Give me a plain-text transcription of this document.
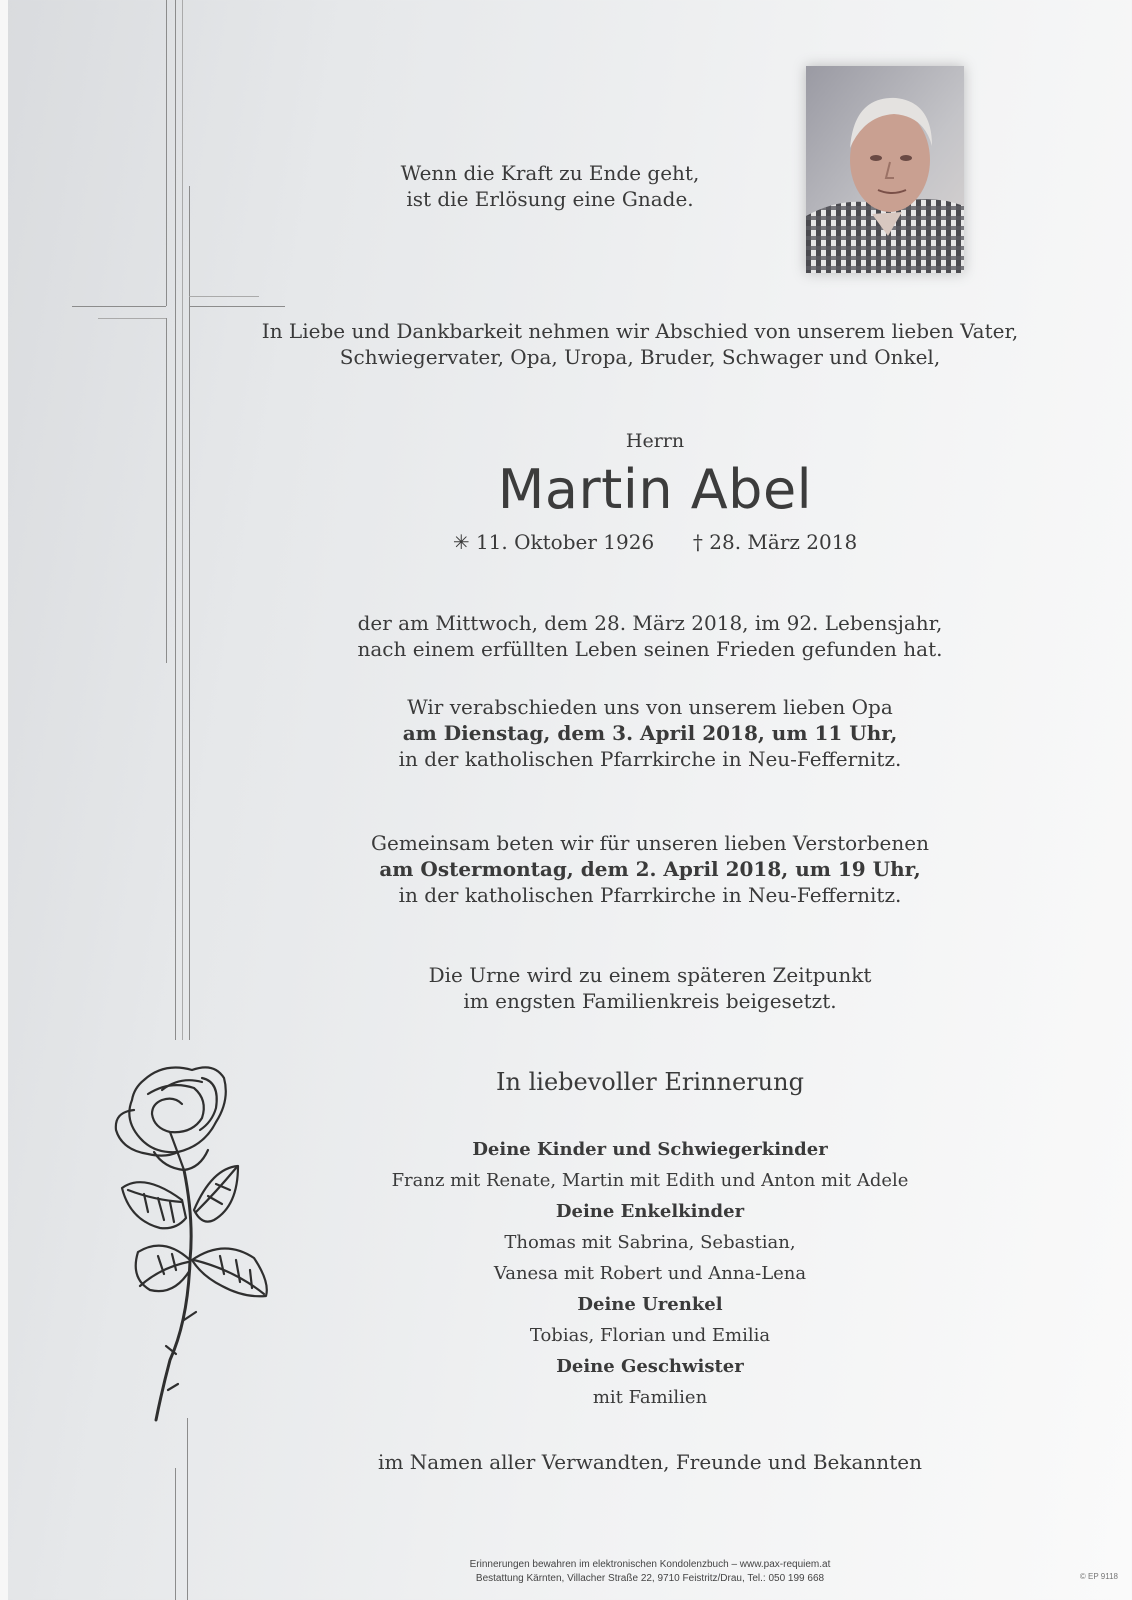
Wenn die Kraft zu Ende geht,
ist die Erlösung eine Gnade.
In Liebe und Dankbarkeit nehmen wir Abschied von unserem lieben Vater,
Schwiegervater, Opa, Uropa, Bruder, Schwager und Onkel,
Herrn
Martin Abel
✳ 11. Oktober 1926 † 28. März 2018
der am Mittwoch, dem 28. März 2018, im 92. Lebensjahr,
nach einem erfüllten Leben seinen Frieden gefunden hat.
Wir verabschieden uns von unserem lieben Opa
am Dienstag, dem 3. April 2018, um 11 Uhr,
in der katholischen Pfarrkirche in Neu-Feffernitz.
Gemeinsam beten wir für unseren lieben Verstorbenen
am Ostermontag, dem 2. April 2018, um 19 Uhr,
in der katholischen Pfarrkirche in Neu-Feffernitz.
Die Urne wird zu einem späteren Zeitpunkt
im engsten Familienkreis beigesetzt.
In liebevoller Erinnerung
Deine Kinder und Schwiegerkinder
Franz mit Renate, Martin mit Edith und Anton mit Adele
Deine Enkelkinder
Thomas mit Sabrina, Sebastian,
Vanesa mit Robert und Anna-Lena
Deine Urenkel
Tobias, Florian und Emilia
Deine Geschwister
mit Familien
im Namen aller Verwandten, Freunde und Bekannten
Erinnerungen bewahren im elektronischen Kondolenzbuch – www.pax-requiem.at
Bestattung Kärnten, Villacher Straße 22, 9710 Feistritz/Drau, Tel.: 050 199 668	© EP 9118
